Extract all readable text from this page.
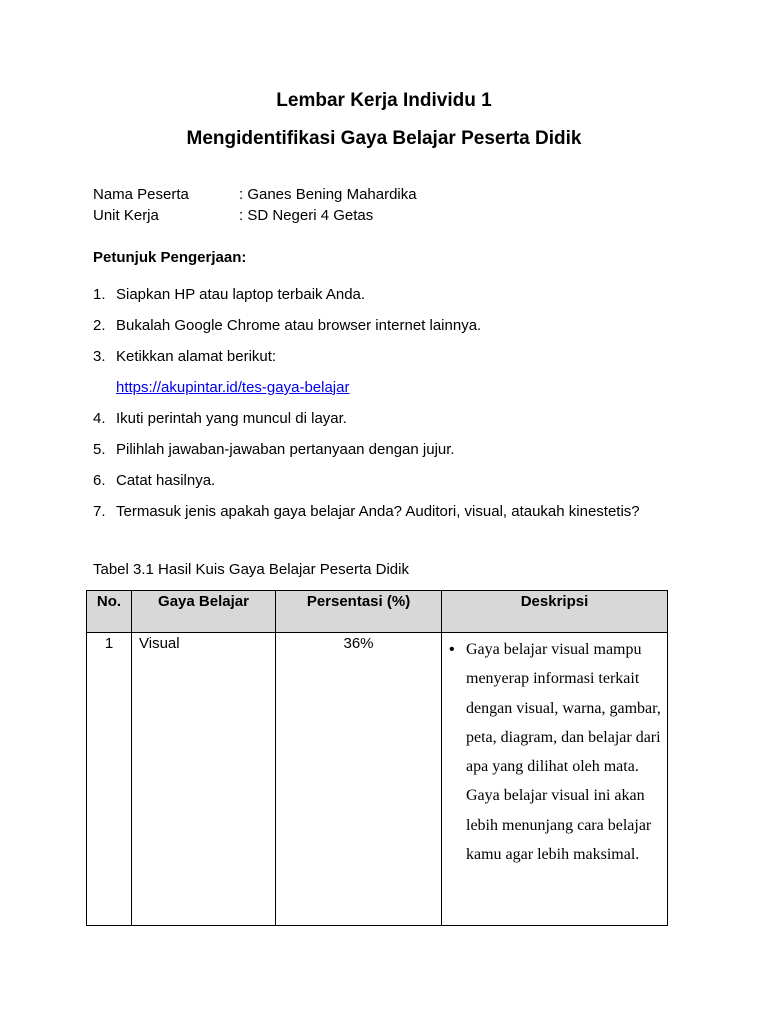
Lembar Kerja Individu 1
Mengidentifikasi Gaya Belajar Peserta Didik
Nama Peserta	: Ganes Bening Mahardika
Unit Kerja	: SD Negeri 4 Getas
Petunjuk Pengerjaan:
1. Siapkan HP atau laptop terbaik Anda.
2. Bukalah Google Chrome atau browser internet lainnya.
3. Ketikkan alamat berikut:
https://akupintar.id/tes-gaya-belajar
4. Ikuti perintah yang muncul di layar.
5. Pilihlah jawaban-jawaban pertanyaan dengan jujur.
6. Catat hasilnya.
7. Termasuk jenis apakah gaya belajar Anda? Auditori, visual, ataukah kinestetis?
Tabel 3.1 Hasil Kuis Gaya Belajar Peserta Didik
No.	Gaya Belajar	Persentasi (%)	Deskripsi
1	Visual	36%	• Gaya belajar visual mampu menyerap informasi terkait dengan visual, warna, gambar, peta, diagram, dan belajar dari apa yang dilihat oleh mata. Gaya belajar visual ini akan lebih menunjang cara belajar kamu agar lebih maksimal.
